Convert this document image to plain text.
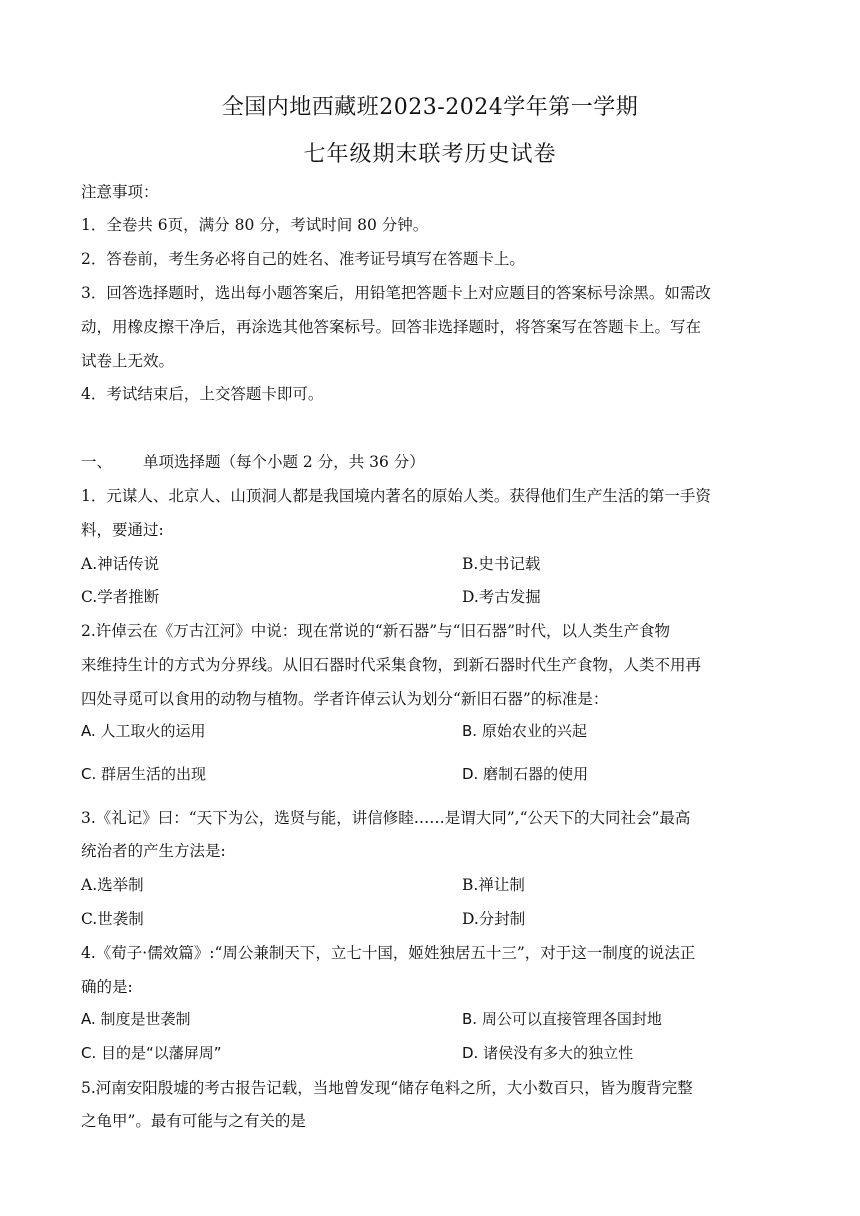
全国内地西藏班2023-2024学年第一学期
七年级期末联考历史试卷
注意事项：
1．全卷共 6页，满分 80 分，考试时间 80 分钟。
2．答卷前，考生务必将自己的姓名、准考证号填写在答题卡上。
3．回答选择题时，选出每小题答案后，用铅笔把答题卡上对应题目的答案标号涂黑。如需改
动，用橡皮擦干净后，再涂选其他答案标号。回答非选择题时，将答案写在答题卡上。写在
试卷上无效。
4．考试结束后，上交答题卡即可。
一、 单项选择题（每个小题 2 分，共 36 分）
1．元谋人、北京人、山顶洞人都是我国境内著名的原始人类。获得他们生产生活的第一手资
料，要通过:
A.神话传说	B.史书记载
C.学者推断	D.考古发掘
2.许倬云在《万古江河》中说：现在常说的“新石器”与“旧石器”时代，以人类生产食物
来维持生计的方式为分界线。从旧石器时代采集食物，到新石器时代生产食物，人类不用再
四处寻觅可以食用的动物与植物。学者许倬云认为划分“新旧石器”的标准是：
A. 人工取火的运用	B. 原始农业的兴起
C. 群居生活的出现	D. 磨制石器的使用
3.《礼记》曰：“天下为公，选贤与能，讲信修睦……是谓大同”,“公天下的大同社会”最高
统治者的产生方法是:
A.选举制	B.禅让制
C.世袭制	D.分封制
4.《荀子·儒效篇》:“周公兼制天下，立七十国，姬姓独居五十三”，对于这一制度的说法正
确的是:
A. 制度是世袭制	B. 周公可以直接管理各国封地
C. 目的是“以藩屏周”	D. 诸侯没有多大的独立性
5.河南安阳殷墟的考古报告记载，当地曾发现“储存龟料之所，大小数百只，皆为腹背完整
之龟甲”。最有可能与之有关的是
